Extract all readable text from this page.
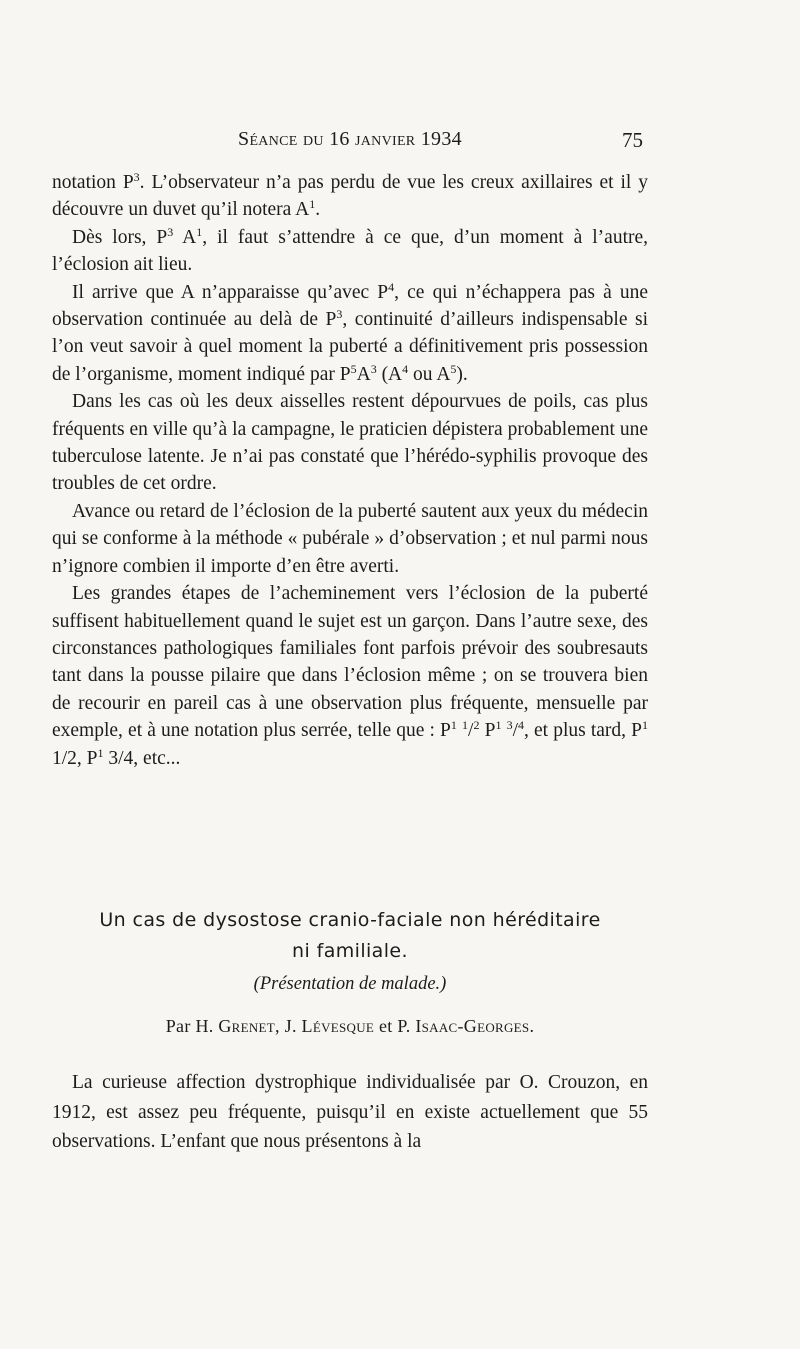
Séance du 16 janvier 1934	75

notation $P^3$. L’observateur n’a pas perdu de vue les creux axillaires et il y découvre un duvet qu’il notera $A^1$.

Dès lors, $P^3$ $A^1$, il faut s’attendre à ce que, d’un moment à l’autre, l’éclosion ait lieu.

Il arrive que A n’apparaisse qu’avec $P^4$, ce qui n’échappera pas à une observation continuée au delà de $P^3$, continuité d’ailleurs indispensable si l’on veut savoir à quel moment la puberté a définitivement pris possession de l’organisme, moment indiqué par $P^5A^3$ ($A^4$ ou $A^5$).

Dans les cas où les deux aisselles restent dépourvues de poils, cas plus fréquents en ville qu’à la campagne, le praticien dépistera probablement une tuberculose latente. Je n’ai pas constaté que l’hérédo-syphilis provoque des troubles de cet ordre.

Avance ou retard de l’éclosion de la puberté sautent aux yeux du médecin qui se conforme à la méthode « pubérale » d’observation ; et nul parmi nous n’ignore combien il importe d’en être averti.

Les grandes étapes de l’acheminement vers l’éclosion de la puberté suffisent habituellement quand le sujet est un garçon. Dans l’autre sexe, des circonstances pathologiques familiales font parfois prévoir des soubresauts tant dans la pousse pilaire que dans l’éclosion même ; on se trouvera bien de recourir en pareil cas à une observation plus fréquente, mensuelle par exemple, et à une notation plus serrée, telle que : $P^1$ $^1$/$^2$ $P^1$ $^3$/$^4$, et plus tard, $P^1$ 1/2, $P^1$ 3/4, etc...

Un cas de dysostose cranio-faciale non héréditaire
ni familiale.
(Présentation de malade.)
Par H. Grenet, J. Lévesque et P. Isaac-Georges.

La curieuse affection dystrophique individualisée par O. Crouzon, en 1912, est assez peu fréquente, puisqu’il en existe actuellement que 55 observations. L’enfant que nous présentons à la
